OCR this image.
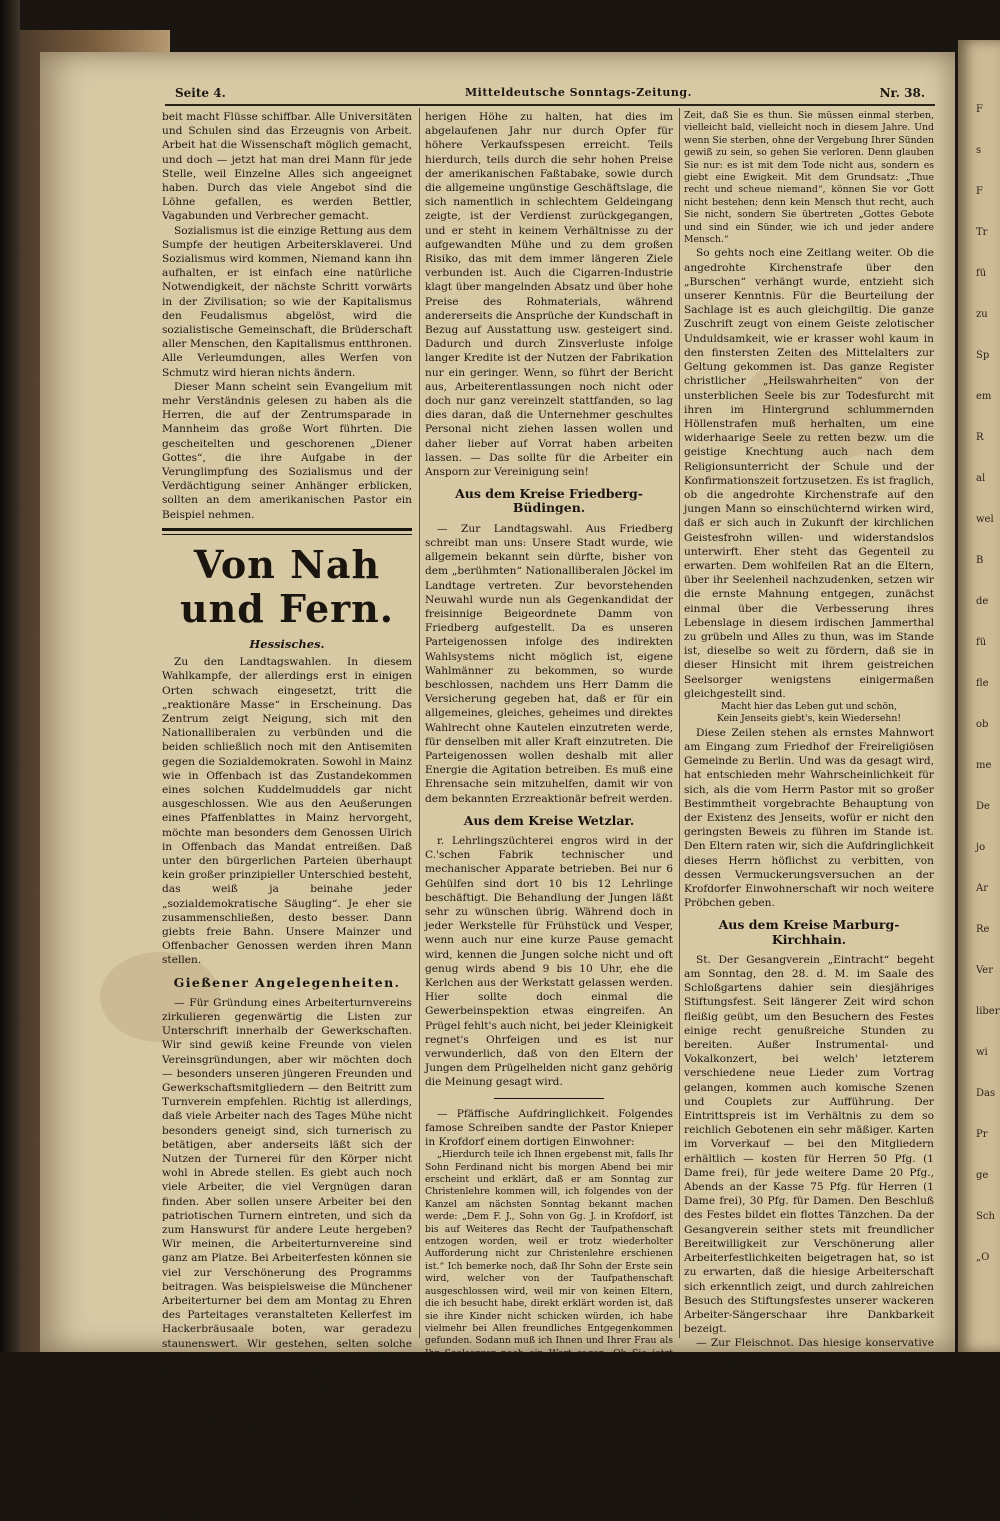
F
s
F
Tr
fü
zu
Sp
em
R
al
wel
B
de
fü
fle
ob
me
De
jo
Ar
Re
Ver
liber
wi
Das
Pr
ge
Sch
„O
Seite 4.	Mitteldeutsche Sonntags-Zeitung.	Nr. 38.

beit macht Flüsse schiffbar. Alle Universitäten und Schulen sind das Erzeugnis von Arbeit. Arbeit hat die Wissenschaft möglich gemacht, und doch — jetzt hat man drei Mann für jede Stelle, weil Einzelne Alles sich angeeignet haben. Durch das viele Angebot sind die Löhne gefallen, es werden Bettler, Vagabunden und Verbrecher gemacht.

Sozialismus ist die einzige Rettung aus dem Sumpfe der heutigen Arbeitersklaverei. Und Sozialismus wird kommen, Niemand kann ihn aufhalten, er ist einfach eine natürliche Notwendigkeit, der nächste Schritt vorwärts in der Zivilisation; so wie der Kapitalismus den Feudalismus abgelöst, wird die sozialistische Gemeinschaft, die Brüderschaft aller Menschen, den Kapitalismus entthronen. Alle Verleumdungen, alles Werfen von Schmutz wird hieran nichts ändern.

Dieser Mann scheint sein Evangelium mit mehr Verständnis gelesen zu haben als die Herren, die auf der Zentrumsparade in Mannheim das große Wort führten. Die gescheitelten und geschorenen „Diener Gottes“, die ihre Aufgabe in der Verunglimpfung des Sozialismus und der Verdächtigung seiner Anhänger erblicken, sollten an dem amerikanischen Pastor ein Beispiel nehmen.

Von Nah und Fern.
Hessisches.

Zu den Landtagswahlen. In diesem Wahlkampfe, der allerdings erst in einigen Orten schwach eingesetzt, tritt die „reaktionäre Masse“ in Erscheinung. Das Zentrum zeigt Neigung, sich mit den Nationalliberalen zu verbünden und die beiden schließlich noch mit den Antisemiten gegen die Sozialdemokraten. Sowohl in Mainz wie in Offenbach ist das Zustandekommen eines solchen Kuddelmuddels gar nicht ausgeschlossen. Wie aus den Aeußerungen eines Pfaffenblattes in Mainz hervorgeht, möchte man besonders dem Genossen Ulrich in Offenbach das Mandat entreißen. Daß unter den bürgerlichen Parteien überhaupt kein großer prinzipieller Unterschied besteht, das weiß ja beinahe jeder „sozialdemokratische Säugling“. Je eher sie zusammenschließen, desto besser. Dann giebts freie Bahn. Unsere Mainzer und Offenbacher Genossen werden ihren Mann stellen.

Gießener Angelegenheiten.

— Für Gründung eines Arbeiterturnvereins zirkulieren gegenwärtig die Listen zur Unterschrift innerhalb der Gewerkschaften. Wir sind gewiß keine Freunde von vielen Vereinsgründungen, aber wir möchten doch — besonders unseren jüngeren Freunden und Gewerkschaftsmitgliedern — den Beitritt zum Turnverein empfehlen. Richtig ist allerdings, daß viele Arbeiter nach des Tages Mühe nicht besonders geneigt sind, sich turnerisch zu betätigen, aber anderseits läßt sich der Nutzen der Turnerei für den Körper nicht wohl in Abrede stellen. Es giebt auch noch viele Arbeiter, die viel Vergnügen daran finden. Aber sollen unsere Arbeiter bei den patriotischen Turnern eintreten, und sich da zum Hanswurst für andere Leute hergeben? Wir meinen, die Arbeiterturnvereine sind ganz am Platze. Bei Arbeiterfesten können sie viel zur Verschönerung des Programms beitragen. Was beispielsweise die Münchener Arbeiterturner bei dem am Montag zu Ehren des Parteitages veranstalteten Kellerfest im Hackerbräusaale boten, war geradezu staunenswert. Wir gestehen, selten solche turnerischen Leistungen gesehen zu haben und die Tausende von Besuchern waren des Lobes voll. — Wer also Lust zum Turnen hat, zeichne sich auf die Liste für einen Arbeiterturnverein in Gießen ein!

Geschäftsflauheit in der Gießener Zigarren-Industrie. Der Bericht der Gießener Handelskammer sagt über die Zigarren-Industrie in Oberhessen:

„Die Rauchtabakfabrikation, die schon seit Jahren einen recht schweren Kampf kämpfe, um nur einigermaßen den Umsatz auf der bis-

herigen Höhe zu halten, hat dies im abgelaufenen Jahr nur durch Opfer für höhere Verkaufsspesen erreicht. Teils hierdurch, teils durch die sehr hohen Preise der amerikanischen Faßtabake, sowie durch die allgemeine ungünstige Geschäftslage, die sich namentlich in schlechtem Geldeingang zeigte, ist der Verdienst zurückgegangen, und er steht in keinem Verhältnisse zu der aufgewandten Mühe und zu dem großen Risiko, das mit dem immer längeren Ziele verbunden ist. Auch die Cigarren-Industrie klagt über mangelnden Absatz und über hohe Preise des Rohmaterials, während andererseits die Ansprüche der Kundschaft in Bezug auf Ausstattung usw. gesteigert sind. Dadurch und durch Zinsverluste infolge langer Kredite ist der Nutzen der Fabrikation nur ein geringer. Wenn, so führt der Bericht aus, Arbeiterentlassungen noch nicht oder doch nur ganz vereinzelt stattfanden, so lag dies daran, daß die Unternehmer geschultes Personal nicht ziehen lassen wollen und daher lieber auf Vorrat haben arbeiten lassen. — Das sollte für die Arbeiter ein Ansporn zur Vereinigung sein!

Aus dem Kreise Friedberg-Büdingen.

— Zur Landtagswahl. Aus Friedberg schreibt man uns: Unsere Stadt wurde, wie allgemein bekannt sein dürfte, bisher von dem „berühmten“ Nationalliberalen Jöckel im Landtage vertreten. Zur bevorstehenden Neuwahl wurde nun als Gegenkandidat der freisinnige Beigeordnete Damm von Friedberg aufgestellt. Da es unseren Parteigenossen infolge des indirekten Wahlsystems nicht möglich ist, eigene Wahlmänner zu bekommen, so wurde beschlossen, nachdem uns Herr Damm die Versicherung gegeben hat, daß er für ein allgemeines, gleiches, geheimes und direktes Wahlrecht ohne Kautelen einzutreten werde, für denselben mit aller Kraft einzutreten. Die Parteigenossen wollen deshalb mit aller Energie die Agitation betreiben. Es muß eine Ehrensache sein mitzuhelfen, damit wir von dem bekannten Erzreaktionär befreit werden.

Aus dem Kreise Wetzlar.

r. Lehrlingszüchterei engros wird in der C.'schen Fabrik technischer und mechanischer Apparate betrieben. Bei nur 6 Gehülfen sind dort 10 bis 12 Lehrlinge beschäftigt. Die Behandlung der Jungen läßt sehr zu wünschen übrig. Während doch in jeder Werkstelle für Frühstück und Vesper, wenn auch nur eine kurze Pause gemacht wird, kennen die Jungen solche nicht und oft genug wirds abend 9 bis 10 Uhr, ehe die Kerlchen aus der Werkstatt gelassen werden. Hier sollte doch einmal die Gewerbeinspektion etwas eingreifen. An Prügel fehlt's auch nicht, bei jeder Kleinigkeit regnet's Ohrfeigen und es ist nur verwunderlich, daß von den Eltern der Jungen dem Prügelhelden nicht ganz gehörig die Meinung gesagt wird.

— Pfäffische Aufdringlichkeit. Folgendes famose Schreiben sandte der Pastor Knieper in Krofdorf einem dortigen Einwohner:

„Hierdurch teile ich Ihnen ergebenst mit, falls Ihr Sohn Ferdinand nicht bis morgen Abend bei mir erscheint und erklärt, daß er am Sonntag zur Christenlehre kommen will, ich folgendes von der Kanzel am nächsten Sonntag bekannt machen werde: „Dem F. J., Sohn von Gg. J. in Krofdorf, ist bis auf Weiteres das Recht der Taufpathenschaft entzogen worden, weil er trotz wiederholter Aufforderung nicht zur Christenlehre erschienen ist.“ Ich bemerke noch, daß Ihr Sohn der Erste sein wird, welcher von der Taufpathenschaft ausgeschlossen wird, weil mir von keinen Eltern, die ich besucht habe, direkt erklärt worden ist, daß sie ihre Kinder nicht schicken würden, ich habe vielmehr bei Allen freundliches Entgegenkommen gefunden. Sodann muß ich Ihnen und Ihrer Frau als Ihr Seelsorger noch ein Wort sagen. Ob Sie jetzt dasselbe annehmen werden, bezweifle ich freilich, aber ich hoffe, daß Sie sich desselben doch noch einmal erinnern werden, wenn auch erst in der Stunde des Todes. Aus Ihrem Verhalten habe ich die Ueberzeugung gewonnen, daß Sie beide sich bis jetzt sehr wenig um Ihre unsterbliche Seele und die Ewigkeit gekümmert haben. Es wird deshalb die höchste

Zeit, daß Sie es thun. Sie müssen einmal sterben, vielleicht bald, vielleicht noch in diesem Jahre. Und wenn Sie sterben, ohne der Vergebung Ihrer Sünden gewiß zu sein, so gehen Sie verloren. Denn glauben Sie nur: es ist mit dem Tode nicht aus, sondern es giebt eine Ewigkeit. Mit dem Grundsatz: „Thue recht und scheue niemand“, können Sie vor Gott nicht bestehen; denn kein Mensch thut recht, auch Sie nicht, sondern Sie übertreten „Gottes Gebote und sind ein Sünder, wie ich und jeder andere Mensch.“

So gehts noch eine Zeitlang weiter. Ob die angedrohte Kirchenstrafe über den „Burschen“ verhängt wurde, entzieht sich unserer Kenntnis. Für die Beurteilung der Sachlage ist es auch gleichgiltig. Die ganze Zuschrift zeugt von einem Geiste zelotischer Unduldsamkeit, wie er krasser wohl kaum in den finstersten Zeiten des Mittelalters zur Geltung gekommen ist. Das ganze Register christlicher „Heilswahrheiten“ von der unsterblichen Seele bis zur Todesfurcht mit ihren im Hintergrund schlummernden Höllenstrafen muß herhalten, um eine widerhaarige Seele zu retten bezw. um die geistige Knechtung auch nach dem Religionsunterricht der Schule und der Konfirmationszeit fortzusetzen. Es ist fraglich, ob die angedrohte Kirchenstrafe auf den jungen Mann so einschüchternd wirken wird, daß er sich auch in Zukunft der kirchlichen Geistesfrohn willen- und widerstandslos unterwirft. Eher steht das Gegenteil zu erwarten. Dem wohlfeilen Rat an die Eltern, über ihr Seelenheil nachzudenken, setzen wir die ernste Mahnung entgegen, zunächst einmal über die Verbesserung ihres Lebenslage in diesem irdischen Jammerthal zu grübeln und Alles zu thun, was im Stande ist, dieselbe so weit zu fördern, daß sie in dieser Hinsicht mit ihrem geistreichen Seelsorger wenigstens einigermaßen gleichgestellt sind.

Macht hier das Leben gut und schön,

Kein Jenseits giebt's, kein Wiedersehn!

Diese Zeilen stehen als ernstes Mahnwort am Eingang zum Friedhof der Freireligiösen Gemeinde zu Berlin. Und was da gesagt wird, hat entschieden mehr Wahrscheinlichkeit für sich, als die vom Herrn Pastor mit so großer Bestimmtheit vorgebrachte Behauptung von der Existenz des Jenseits, wofür er nicht den geringsten Beweis zu führen im Stande ist. Den Eltern raten wir, sich die Aufdringlichkeit dieses Herrn höflichst zu verbitten, von dessen Vermuckerungsversuchen an der Krofdorfer Einwohnerschaft wir noch weitere Pröbchen geben.

Aus dem Kreise Marburg-Kirchhain.

St. Der Gesangverein „Eintracht“ begeht am Sonntag, den 28. d. M. im Saale des Schloßgartens dahier sein diesjähriges Stiftungsfest. Seit längerer Zeit wird schon fleißig geübt, um den Besuchern des Festes einige recht genußreiche Stunden zu bereiten. Außer Instrumental- und Vokalkonzert, bei welch' letzterem verschiedene neue Lieder zum Vortrag gelangen, kommen auch komische Szenen und Couplets zur Aufführung. Der Eintrittspreis ist im Verhältnis zu dem so reichlich Gebotenen ein sehr mäßiger. Karten im Vorverkauf — bei den Mitgliedern erhältlich — kosten für Herren 50 Pfg. (1 Dame frei), für jede weitere Dame 20 Pfg., Abends an der Kasse 75 Pfg. für Herren (1 Dame frei), 30 Pfg. für Damen. Den Beschluß des Festes bildet ein flottes Tänzchen. Da der Gesangverein seither stets mit freundlicher Bereitwilligkeit zur Verschönerung aller Arbeiterfestlichkeiten beigetragen hat, so ist zu erwarten, daß die hiesige Arbeiterschaft sich erkenntlich zeigt, und durch zahlreichen Besuch des Stiftungsfestes unserer wackeren Arbeiter-Sängerschaar ihre Dankbarkeit bezeigt.

— Zur Fleischnot. Das hiesige konservative Bündlerblatt fährt fort, über den Ueberfluß an Schlachtvieh in Deutschland zu berichten, wovon in unserem Kreise allerdings nichts zu merken ist; im Gegenteil, ein hiesiger Metzgermeister teilte in einem „Eingesandt“ in der „Hess. Landesztg.“ mit, daß er einige Schlachtschweine von einem Gutsbesitzer in Borken bezogen habe, wobei ihn das Pfund Schlachtgewicht auf 73½ Pfg. komme, ohne die Betriebsunkosten. Er ist bereit, die Beweise hierfür
